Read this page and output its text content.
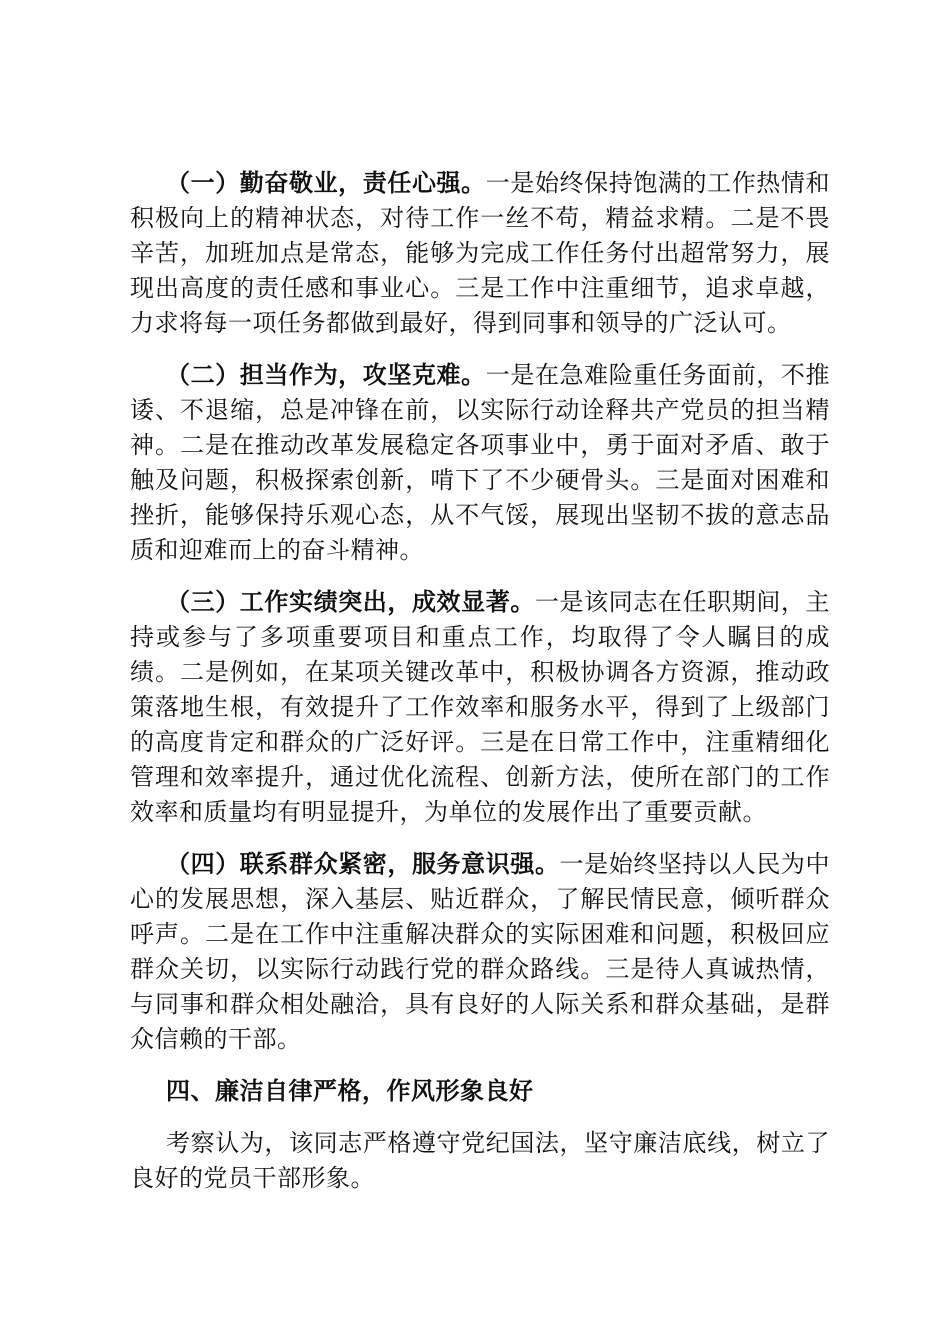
（一）勤奋敬业，责任心强。一是始终保持饱满的工作热情和积极向上的精神状态，对待工作一丝不苟，精益求精。二是不畏辛苦，加班加点是常态，能够为完成工作任务付出超常努力，展现出高度的责任感和事业心。三是工作中注重细节，追求卓越，力求将每一项任务都做到最好，得到同事和领导的广泛认可。

（二）担当作为，攻坚克难。一是在急难险重任务面前，不推诿、不退缩，总是冲锋在前，以实际行动诠释共产党员的担当精神。二是在推动改革发展稳定各项事业中，勇于面对矛盾、敢于触及问题，积极探索创新，啃下了不少硬骨头。三是面对困难和挫折，能够保持乐观心态，从不气馁，展现出坚韧不拔的意志品质和迎难而上的奋斗精神。

（三）工作实绩突出，成效显著。一是该同志在任职期间，主持或参与了多项重要项目和重点工作，均取得了令人瞩目的成绩。二是例如，在某项关键改革中，积极协调各方资源，推动政策落地生根，有效提升了工作效率和服务水平，得到了上级部门的高度肯定和群众的广泛好评。三是在日常工作中，注重精细化管理和效率提升，通过优化流程、创新方法，使所在部门的工作效率和质量均有明显提升，为单位的发展作出了重要贡献。

（四）联系群众紧密，服务意识强。一是始终坚持以人民为中心的发展思想，深入基层、贴近群众，了解民情民意，倾听群众呼声。二是在工作中注重解决群众的实际困难和问题，积极回应群众关切，以实际行动践行党的群众路线。三是待人真诚热情，与同事和群众相处融洽，具有良好的人际关系和群众基础，是群众信赖的干部。

四、廉洁自律严格，作风形象良好

考察认为，该同志严格遵守党纪国法，坚守廉洁底线，树立了良好的党员干部形象。
